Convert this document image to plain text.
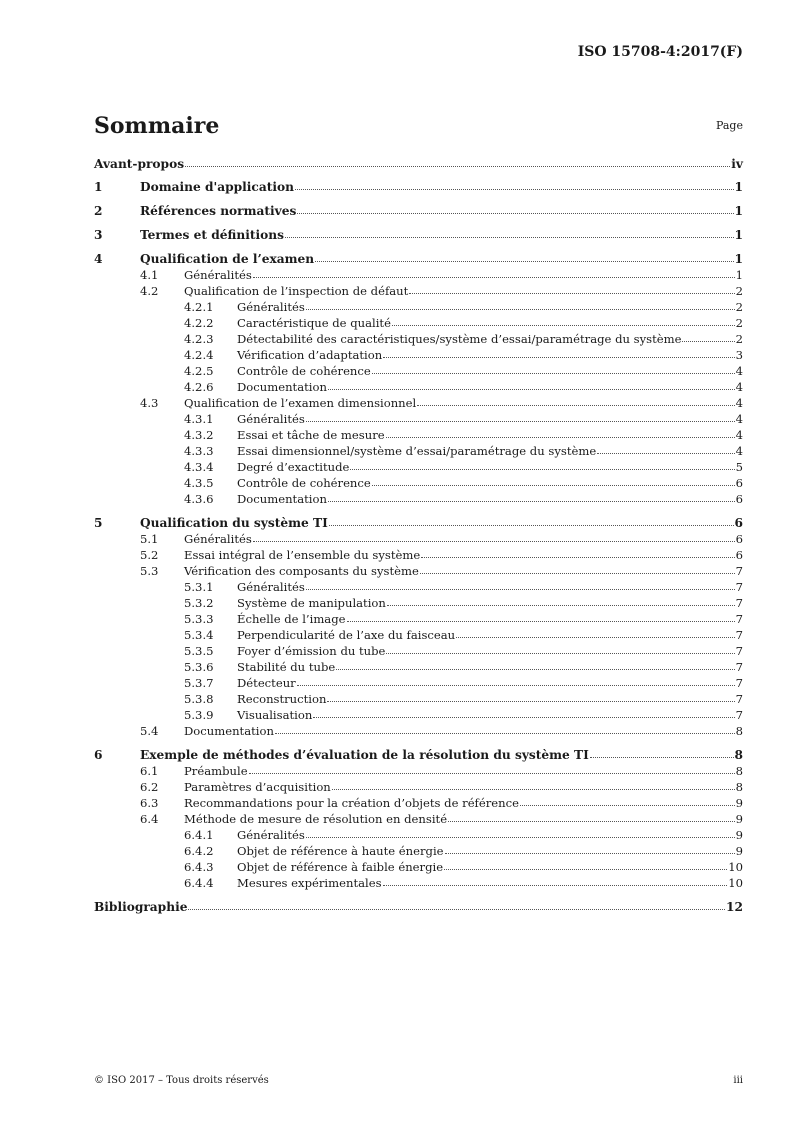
ISO 15708-4:2017(F)
Sommaire	Page
Avant-propos	iv
1	Domaine d'application	1
2	Références normatives	1
3	Termes et définitions	1
4	Qualification de l’examen	1
4.1 Généralités	1
4.2 Qualification de l’inspection de défaut	2
4.2.1 Généralités	2
4.2.2 Caractéristique de qualité	2
4.2.3 Détectabilité des caractéristiques/système d’essai/paramétrage du système	2
4.2.4 Vérification d’adaptation	3
4.2.5 Contrôle de cohérence	4
4.2.6 Documentation	4
4.3 Qualification de l’examen dimensionnel	4
4.3.1 Généralités	4
4.3.2 Essai et tâche de mesure	4
4.3.3 Essai dimensionnel/système d’essai/paramétrage du système	4
4.3.4 Degré d’exactitude	5
4.3.5 Contrôle de cohérence	6
4.3.6 Documentation	6
5	Qualification du système TI	6
5.1 Généralités	6
5.2 Essai intégral de l’ensemble du système	6
5.3 Vérification des composants du système	7
5.3.1 Généralités	7
5.3.2 Système de manipulation	7
5.3.3 Échelle de l’image	7
5.3.4 Perpendicularité de l’axe du faisceau	7
5.3.5 Foyer d’émission du tube	7
5.3.6 Stabilité du tube	7
5.3.7 Détecteur	7
5.3.8 Reconstruction	7
5.3.9 Visualisation	7
5.4 Documentation	8
6	Exemple de méthodes d’évaluation de la résolution du système TI	8
6.1 Préambule	8
6.2 Paramètres d’acquisition	8
6.3 Recommandations pour la création d’objets de référence	9
6.4 Méthode de mesure de résolution en densité	9
6.4.1 Généralités	9
6.4.2 Objet de référence à haute énergie	9
6.4.3 Objet de référence à faible énergie	10
6.4.4 Mesures expérimentales	10
Bibliographie	12
© ISO 2017 – Tous droits réservés	iii
